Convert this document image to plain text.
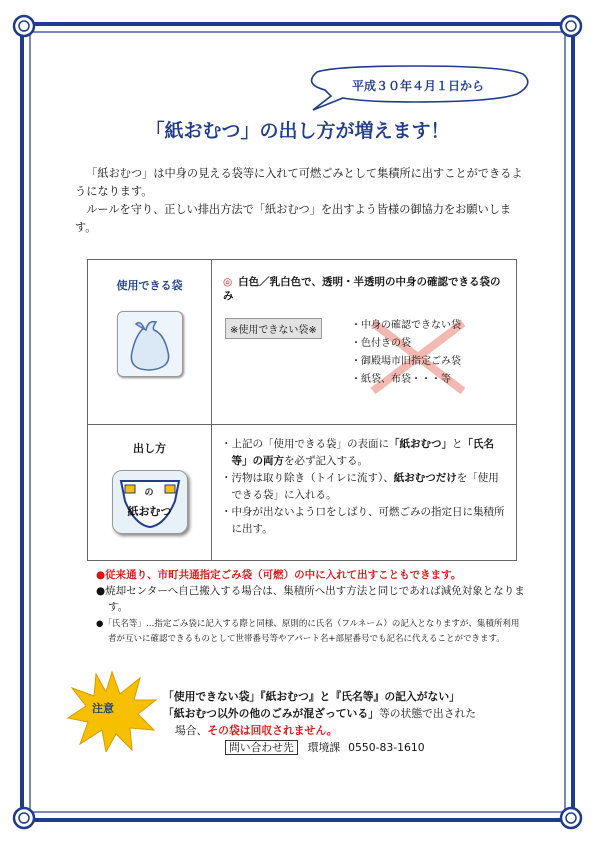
平成３０年４月１日から
「紙おむつ」の出し方が増えます！

「紙おむつ」は中身の見える袋等に入れて可燃ごみとして集積所に出すことができるようになります。

ルールを守り、正しい排出方法で「紙おむつ」を出すよう皆様の御協力をお願いします。

使用できる袋	◎ 白色／乳白色で、透明・半透明の中身の確認できる袋のみ
※使用できない袋※
・	中身の確認できない袋
・ 色付きの袋
・ 御殿場市旧指定ごみ袋
・ 紙袋、布袋・・・等

出し方
の
紙おむつ

・ 上記の「使用できる袋」の表面に「紙おむつ」と「氏名等」の両方を必ず記入する。
・ 汚物は取り除き（トイレに流す）、紙おむつだけを「使用できる袋」に入れる。
・ 中身が出ないよう口をしばり、可燃ごみの指定日に集積所に出す。

●従来通り、市町共通指定ごみ袋（可燃）の中に入れて出すこともできます。

●焼却センターへ自己搬入する場合は、集積所へ出す方法と同じであれば減免対象となります。

●「氏名等」…指定ごみ袋に記入する際と同様、原則的に氏名（フルネーム）の記入となりますが、集積所利用者が互いに確認できるものとして世帯番号等やアパート名+部屋番号でも記名に代えることができます。

注意

「使用できない袋」『紙おむつ』と『氏名等』の記入がない」

「紙おむつ以外の他のごみが混ざっている」等の状態で出された

場合、その袋は回収されません。

問い合わせ先 環境課 0550-83-1610
